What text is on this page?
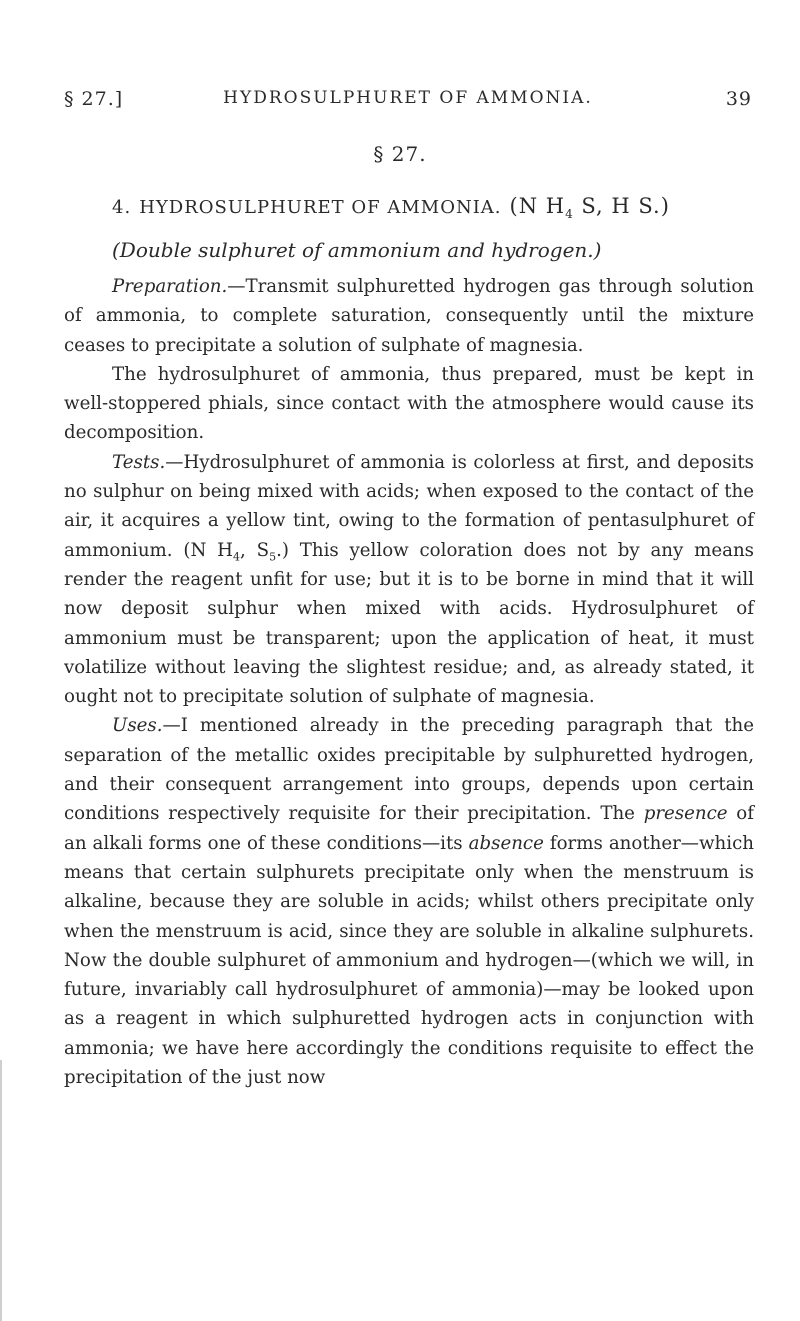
§ 27.]	HYDROSULPHURET OF AMMONIA.	39
§ 27.
4. HYDROSULPHURET OF AMMONIA. (N $H_4$ S, H S.)
(Double sulphuret of ammonium and hydrogen.)

Preparation.—Transmit sulphuretted hydrogen gas through solution of ammonia, to complete saturation, consequently until the mixture ceases to precipitate a solution of sulphate of magnesia.

The hydrosulphuret of ammonia, thus prepared, must be kept in well-stoppered phials, since contact with the atmosphere would cause its decomposition.

Tests.—Hydrosulphuret of ammonia is colorless at first, and deposits no sulphur on being mixed with acids; when exposed to the contact of the air, it acquires a yellow tint, owing to the formation of pentasulphuret of ammonium. (N $H_4$, $S_5$.) This yellow coloration does not by any means render the reagent unfit for use; but it is to be borne in mind that it will now deposit sulphur when mixed with acids. Hydrosulphuret of ammonium must be transparent; upon the application of heat, it must volatilize without leaving the slightest residue; and, as already stated, it ought not to precipitate solution of sulphate of magnesia.

Uses.—I mentioned already in the preceding paragraph that the separation of the metallic oxides precipitable by sulphuretted hydrogen, and their consequent arrangement into groups, depends upon certain conditions respectively requisite for their precipitation. The presence of an alkali forms one of these conditions—its absence forms another—which means that certain sulphurets precipitate only when the menstruum is alkaline, because they are soluble in acids; whilst others precipitate only when the menstruum is acid, since they are soluble in alkaline sulphurets. Now the double sulphuret of ammonium and hydrogen—(which we will, in future, invariably call hydrosulphuret of ammonia)—may be looked upon as a reagent in which sulphuretted hydrogen acts in conjunction with ammonia; we have here accordingly the conditions requisite to effect the precipitation of the just now
